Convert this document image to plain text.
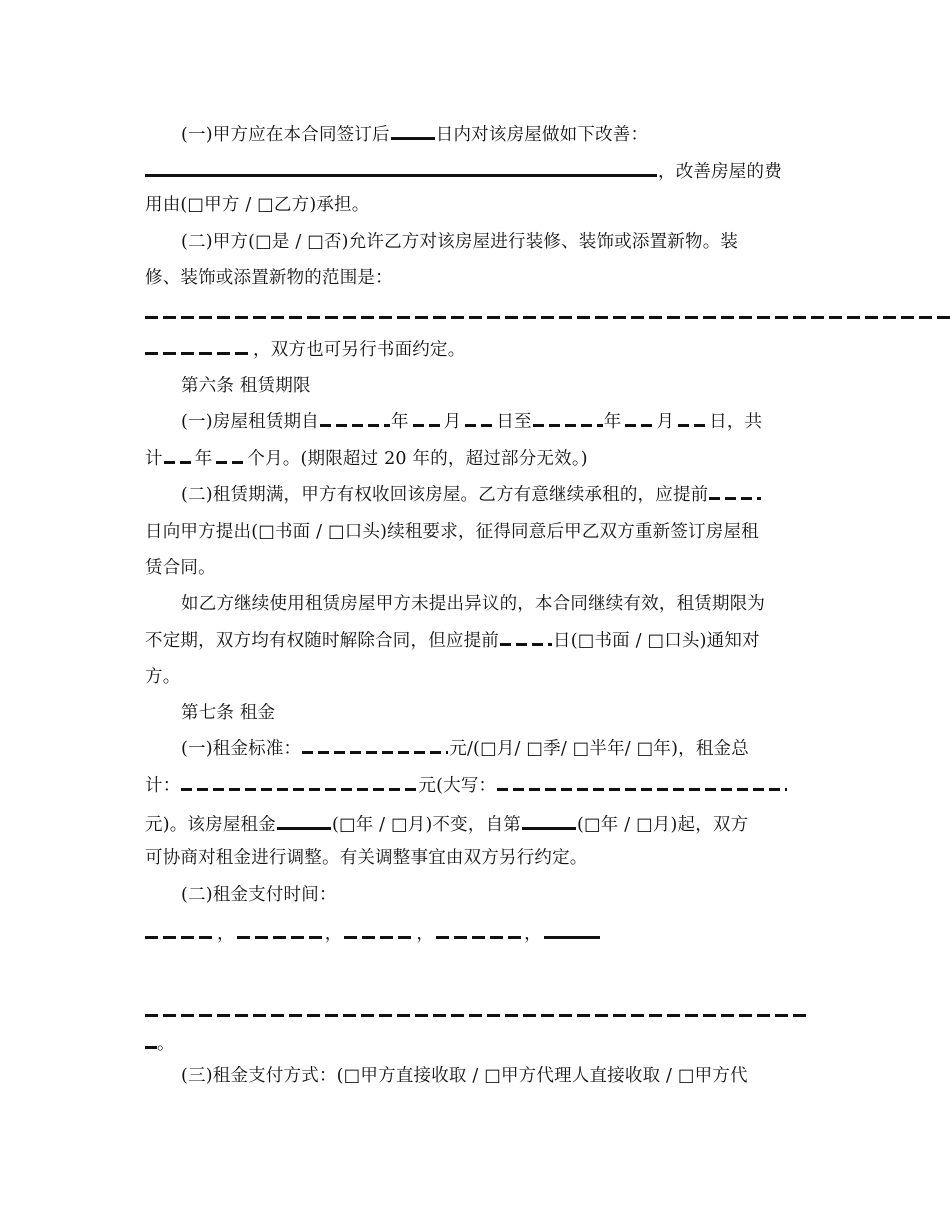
(一)甲方应在本合同签订后	日内对该房屋做如下改善：
，改善房屋的费
用由(□甲方 / □乙方)承担。
(二)甲方(□是 / □否)允许乙方对该房屋进行装修、装饰或添置新物。装
修、装饰或添置新物的范围是：
，双方也可另行书面约定。
第六条 租赁期限
(一)房屋租赁期自	年 月 日至	年 月 日，共
计 年 个月。(期限超过 20 年的，超过部分无效。)
(二)租赁期满，甲方有权收回该房屋。乙方有意继续承租的，应提前
日向甲方提出(□书面 / □口头)续租要求，征得同意后甲乙双方重新签订房屋租
赁合同。
如乙方继续使用租赁房屋甲方未提出异议的，本合同继续有效，租赁期限为
不定期，双方均有权随时解除合同，但应提前	日(□书面 / □口头)通知对
方。
第七条 租金
(一)租金标准：	元/(□月/ □季/ □半年/ □年)，租金总
计：	元(大写：
元)。该房屋租金	(□年 / □月)不变，自第	(□年 / □月)起，双方
可协商对租金进行调整。有关调整事宜由双方另行约定。
(二)租金支付时间：
，	，	，	，
。
(三)租金支付方式：(□甲方直接收取 / □甲方代理人直接收取 / □甲方代
